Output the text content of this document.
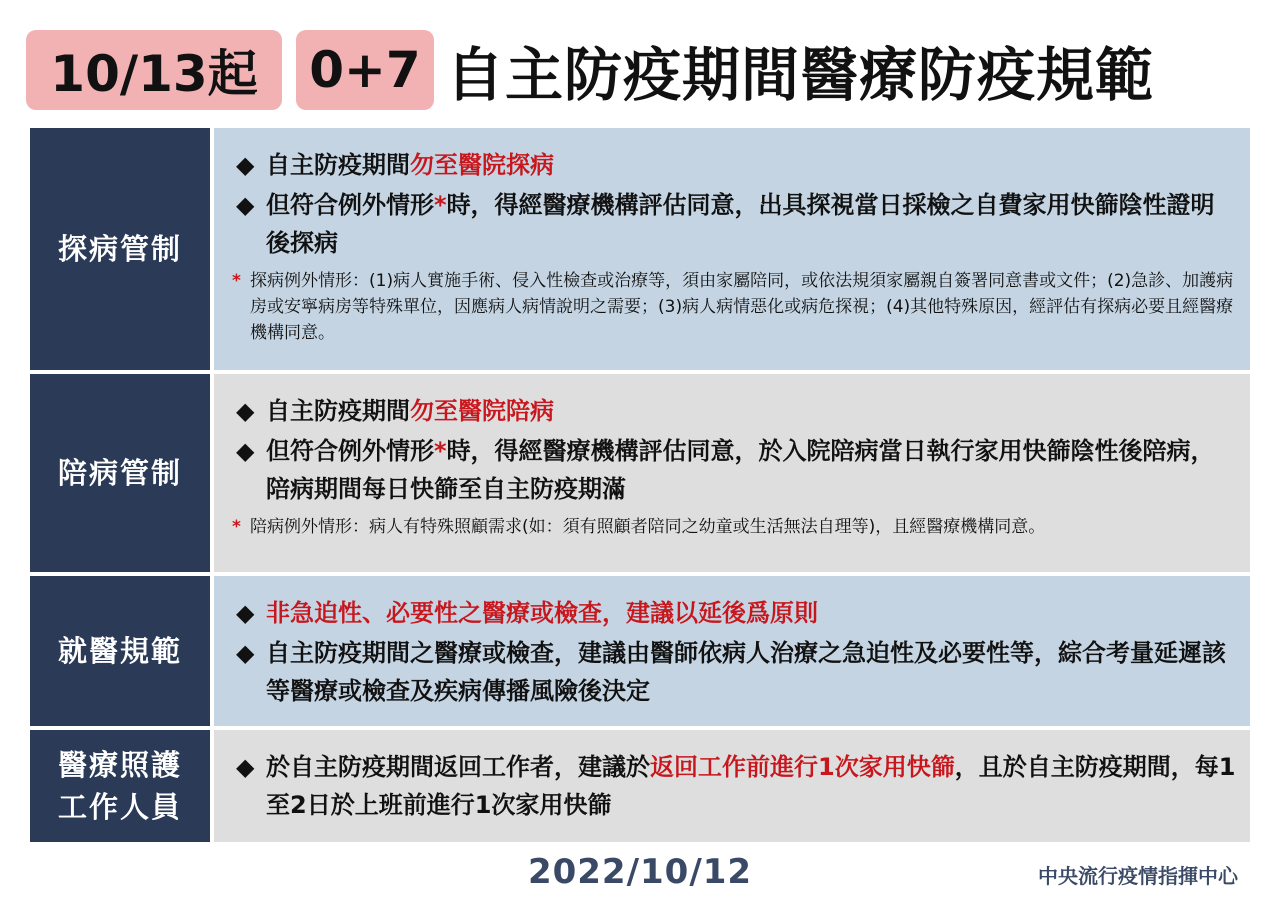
10/13起	0+7 自主防疫期間醫療防疫規範
探病管制
◆ 自主防疫期間勿至醫院探病
◆ 但符合例外情形*時，得經醫療機構評估同意，出具探視當日採檢之自費家用快篩陰性證明後探病
* 探病例外情形：(1)病人實施手術、侵入性檢查或治療等，須由家屬陪同，或依法規須家屬親自簽署同意書或文件；(2)急診、加護病房或安寧病房等特殊單位，因應病人病情說明之需要；(3)病人病情惡化或病危探視；(4)其他特殊原因，經評估有探病必要且經醫療機構同意。
陪病管制
◆ 自主防疫期間勿至醫院陪病
◆ 但符合例外情形*時，得經醫療機構評估同意，於入院陪病當日執行家用快篩陰性後陪病，陪病期間每日快篩至自主防疫期滿
* 陪病例外情形：病人有特殊照顧需求(如：須有照顧者陪同之幼童或生活無法自理等)，且經醫療機構同意。
就醫規範
◆ 非急迫性、必要性之醫療或檢查，建議以延後爲原則
◆ 自主防疫期間之醫療或檢查，建議由醫師依病人治療之急迫性及必要性等，綜合考量延遲該等醫療或檢查及疾病傳播風險後決定
醫療照護工作人員
◆ 於自主防疫期間返回工作者，建議於返回工作前進行1次家用快篩，且於自主防疫期間，每1至2日於上班前進行1次家用快篩
2022/10/12	中央流行疫情指揮中心
